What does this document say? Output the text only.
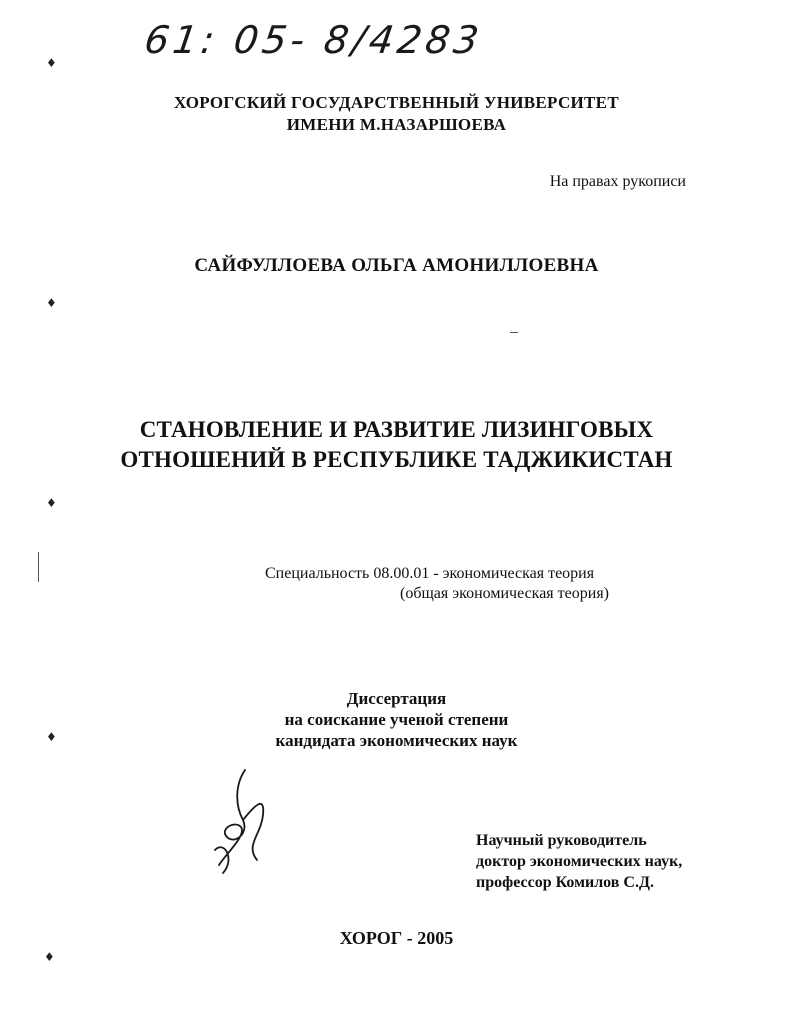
61: 05- 8/4283
♦
♦
♦
♦
♦
ХОРОГСКИЙ ГОСУДАРСТВЕННЫЙ УНИВЕРСИТЕТ
ИМЕНИ М.НАЗАРШОЕВА
На правах рукописи
САЙФУЛЛОЕВА ОЛЬГА АМОНИЛЛОЕВНА
СТАНОВЛЕНИЕ И РАЗВИТИЕ ЛИЗИНГОВЫХ
ОТНОШЕНИЙ В РЕСПУБЛИКЕ ТАДЖИКИСТАН
Специальность 08.00.01 - экономическая теория
(общая экономическая теория)
Диссертация
на соискание ученой степени
кандидата экономических наук
Научный руководитель
доктор экономических наук,
профессор Комилов С.Д.
ХОРОГ - 2005
